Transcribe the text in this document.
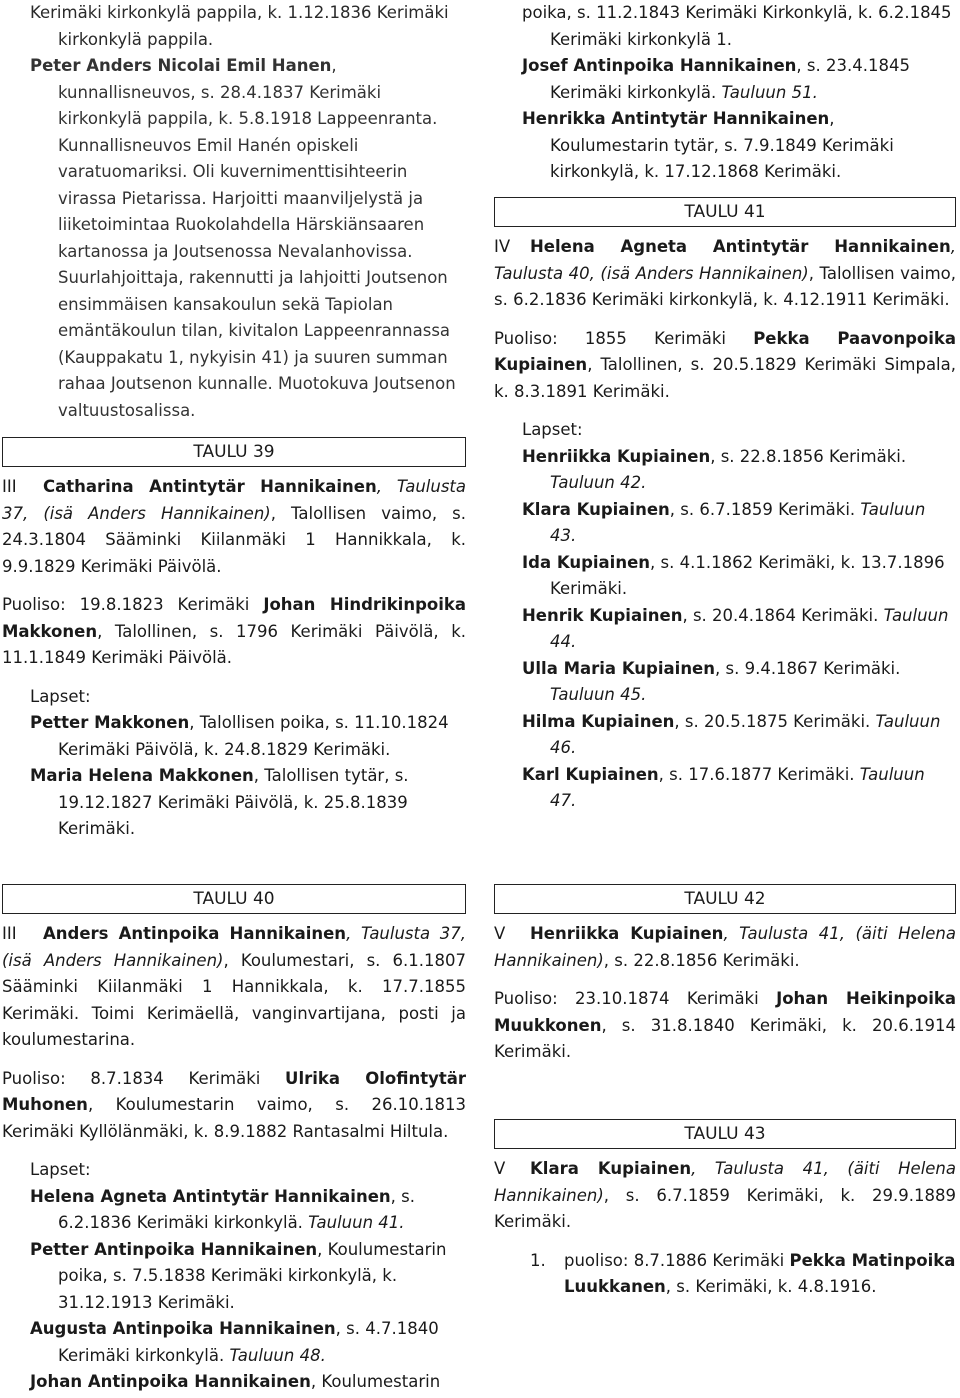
Kerimäki kirkonkylä pappila, k. 1.12.1836 Kerimäki kirkonkylä pappila.

Peter Anders Nicolai Emil Hanen, kunnallisneuvos, s. 28.4.1837 Kerimäki kirkonkylä pappila, k. 5.8.1918 Lappeenranta. Kunnallisneuvos Emil Hanén opiskeli varatuomariksi. Oli kuvernimenttisihteerin virassa Pietarissa. Harjoitti maanviljelystä ja liiketoimintaa Ruokolahdella Härskiänsaaren kartanossa ja Joutsenossa Nevalanhovissa. Suurlahjoittaja, rakennutti ja lahjoitti Joutsenon ensimmäisen kansakoulun sekä Tapiolan emäntäkoulun tilan, kivitalon Lappeenrannassa (Kauppakatu 1, nykyisin 41) ja suuren summan rahaa Joutsenon kunnalle. Muotokuva Joutsenon valtuustosalissa.

TAULU 39

III Catharina Antintytär Hannikainen, Taulusta 37, (isä Anders Hannikainen), Talollisen vaimo, s. 24.3.1804 Sääminki Kiilanmäki 1 Hannikkala, k. 9.9.1829 Kerimäki Päivölä.

Puoliso: 19.8.1823 Kerimäki Johan Hindrikinpoika Makkonen, Talollinen, s. 1796 Kerimäki Päivölä, k. 11.1.1849 Kerimäki Päivölä.

Lapset:

Petter Makkonen, Talollisen poika, s. 11.10.1824 Kerimäki Päivölä, k. 24.8.1829 Kerimäki.

Maria Helena Makkonen, Talollisen tytär, s. 19.12.1827 Kerimäki Päivölä, k. 25.8.1839 Kerimäki.

TAULU 40

III Anders Antinpoika Hannikainen, Taulusta 37, (isä Anders Hannikainen), Koulumestari, s. 6.1.1807 Sääminki Kiilanmäki 1 Hannikkala, k. 17.7.1855 Kerimäki. Toimi Kerimäellä, vanginvartijana, posti ja koulumestarina.

Puoliso: 8.7.1834 Kerimäki Ulrika Olofintytär Muhonen, Koulumestarin vaimo, s. 26.10.1813 Kerimäki Kyllölänmäki, k. 8.9.1882 Rantasalmi Hiltula.

Lapset:

Helena Agneta Antintytär Hannikainen, s. 6.2.1836 Kerimäki kirkonkylä. Tauluun 41.

Petter Antinpoika Hannikainen, Koulumestarin poika, s. 7.5.1838 Kerimäki kirkonkylä, k. 31.12.1913 Kerimäki.

Augusta Antinpoika Hannikainen, s. 4.7.1840 Kerimäki kirkonkylä. Tauluun 48.

Johan Antinpoika Hannikainen, Koulumestarin

poika, s. 11.2.1843 Kerimäki Kirkonkylä, k. 6.2.1845 Kerimäki kirkonkylä 1.

Josef Antinpoika Hannikainen, s. 23.4.1845 Kerimäki kirkonkylä. Tauluun 51.

Henrikka Antintytär Hannikainen, Koulumestarin tytär, s. 7.9.1849 Kerimäki kirkonkylä, k. 17.12.1868 Kerimäki.

TAULU 41

IV Helena Agneta Antintytär Hannikainen, Taulusta 40, (isä Anders Hannikainen), Talollisen vaimo, s. 6.2.1836 Kerimäki kirkonkylä, k. 4.12.1911 Kerimäki.

Puoliso: 1855 Kerimäki Pekka Paavonpoika Kupiainen, Talollinen, s. 20.5.1829 Kerimäki Simpala, k. 8.3.1891 Kerimäki.

Lapset:

Henriikka Kupiainen, s. 22.8.1856 Kerimäki. Tauluun 42.

Klara Kupiainen, s. 6.7.1859 Kerimäki. Tauluun 43.

Ida Kupiainen, s. 4.1.1862 Kerimäki, k. 13.7.1896 Kerimäki.

Henrik Kupiainen, s. 20.4.1864 Kerimäki. Tauluun 44.

Ulla Maria Kupiainen, s. 9.4.1867 Kerimäki. Tauluun 45.

Hilma Kupiainen, s. 20.5.1875 Kerimäki. Tauluun 46.

Karl Kupiainen, s. 17.6.1877 Kerimäki. Tauluun 47.

TAULU 42

V Henriikka Kupiainen, Taulusta 41, (äiti Helena Hannikainen), s. 22.8.1856 Kerimäki.

Puoliso: 23.10.1874 Kerimäki Johan Heikinpoika Muukkonen, s. 31.8.1840 Kerimäki, k. 20.6.1914 Kerimäki.

TAULU 43

V Klara Kupiainen, Taulusta 41, (äiti Helena Hannikainen), s. 6.7.1859 Kerimäki, k. 29.9.1889 Kerimäki.

1. puoliso: 8.7.1886 Kerimäki Pekka Matinpoika Luukkanen, s. Kerimäki, k. 4.8.1916.
